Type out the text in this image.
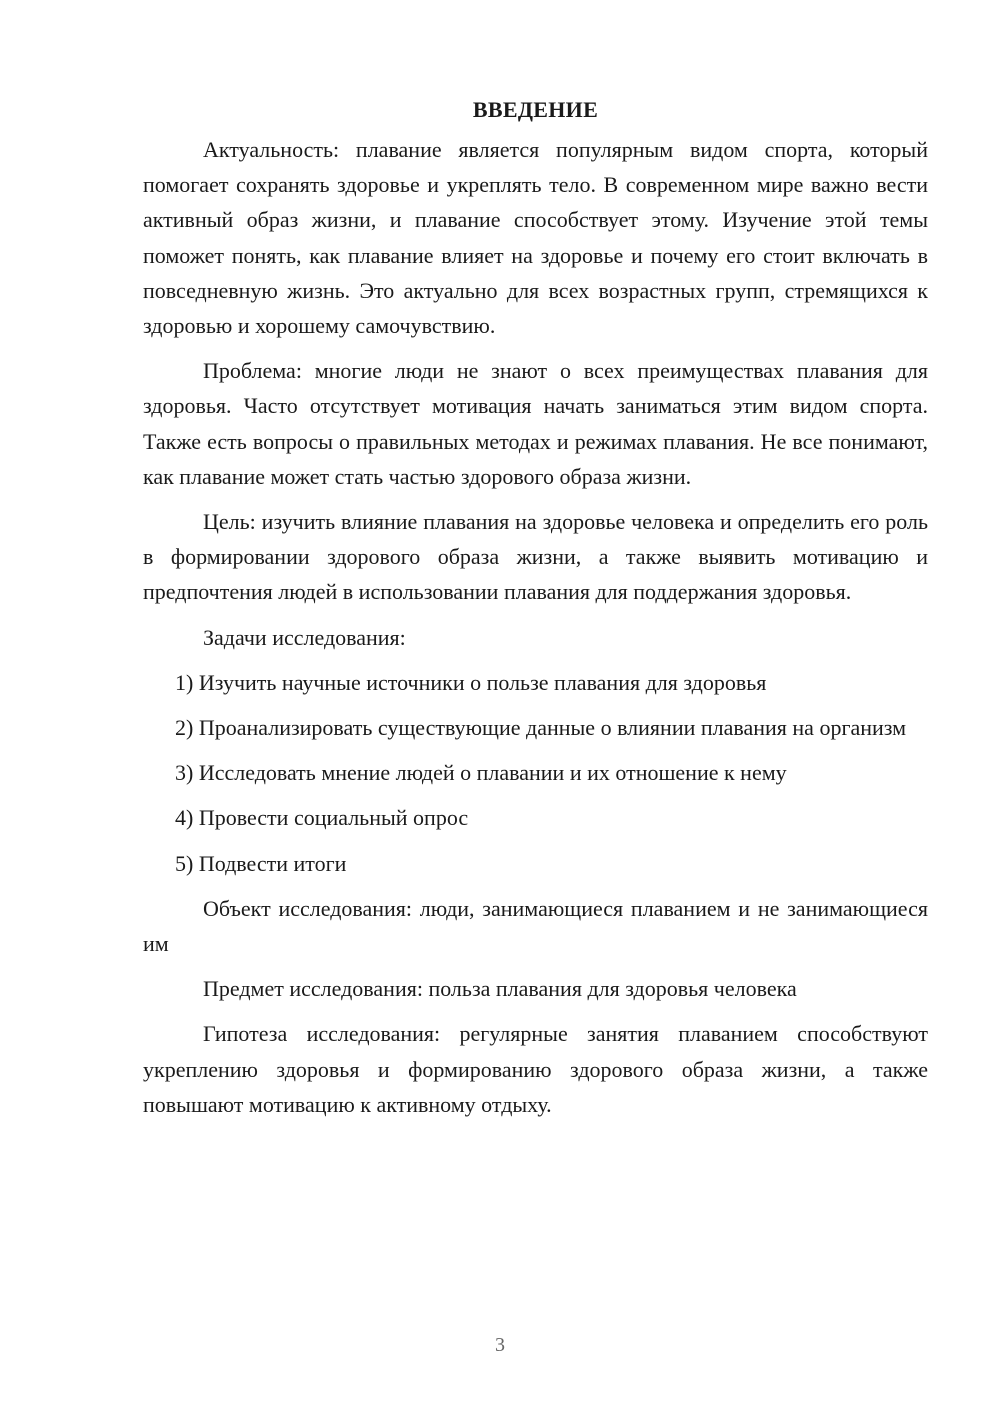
ВВЕДЕНИЕ

Актуальность: плавание является популярным видом спорта, который помогает сохранять здоровье и укреплять тело. В современном мире важно вести активный образ жизни, и плавание способствует этому. Изучение этой темы поможет понять, как плавание влияет на здоровье и почему его стоит включать в повседневную жизнь. Это актуально для всех возрастных групп, стремящихся к здоровью и хорошему самочувствию.

Проблема: многие люди не знают о всех преимуществах плавания для здоровья. Часто отсутствует мотивация начать заниматься этим видом спорта. Также есть вопросы о правильных методах и режимах плавания. Не все понимают, как плавание может стать частью здорового образа жизни.

Цель: изучить влияние плавания на здоровье человека и определить его роль в формировании здорового образа жизни, а также выявить мотивацию и предпочтения людей в использовании плавания для поддержания здоровья.

Задачи исследования:

1) Изучить научные источники о пользе плавания для здоровья

2) Проанализировать существующие данные о влиянии плавания на организм

3) Исследовать мнение людей о плавании и их отношение к нему

4) Провести социальный опрос

5) Подвести итоги

Объект исследования: люди, занимающиеся плаванием и не занимающиеся им

Предмет исследования: польза плавания для здоровья человека

Гипотеза исследования: регулярные занятия плаванием способствуют укреплению здоровья и формированию здорового образа жизни, а также повышают мотивацию к активному отдыху.

3
